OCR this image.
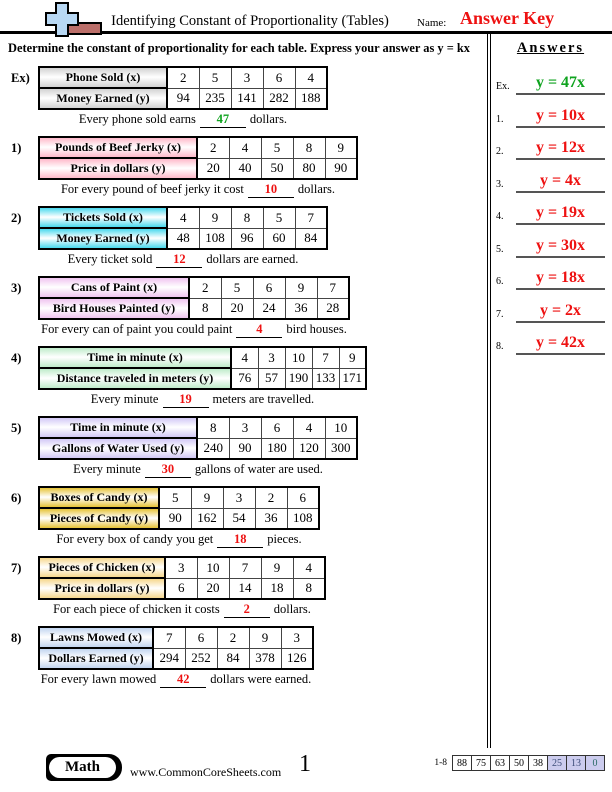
Identifying Constant of Proportionality (Tables)	Name: Answer Key
Determine the constant of proportionality for each table. Express your answer as y = kx
Ex)	Phone Sold (x)	2	5	3	6	4
Money Earned (y)	94	235	141	282	188
Every phone sold earns 47 dollars.
1)	Pounds of Beef Jerky (x)	2	4	5	8	9
Price in dollars (y)	20	40	50	80	90
For every pound of beef jerky it cost 10 dollars.
2)	Tickets Sold (x)	4	9	8	5	7
Money Earned (y)	48	108	96	60	84
Every ticket sold 12 dollars are earned.
3)	Cans of Paint (x)	2	5	6	9	7
Bird Houses Painted (y)	8	20	24	36	28
For every can of paint you could paint 4 bird houses.
4)	Time in minute (x)	4	3	10	7	9
Distance traveled in meters (y)	76	57	190	133	171
Every minute 19 meters are travelled.
5)	Time in minute (x)	8	3	6	4	10
Gallons of Water Used (y)	240	90	180	120	300
Every minute 30 gallons of water are used.
6)	Boxes of Candy (x)	5	9	3	2	6
Pieces of Candy (y)	90	162	54	36	108
For every box of candy you get 18 pieces.
7)	Pieces of Chicken (x)	3	10	7	9	4
Price in dollars (y)	6	20	14	18	8
For each piece of chicken it costs 2 dollars.
8)	Lawns Mowed (x)	7	6	2	9	3
Dollars Earned (y)	294	252	84	378	126
For every lawn mowed 42 dollars were earned.
Answers
Ex.	y = 47x
1.	y = 10x
2.	y = 12x
3.	y = 4x
4.	y = 19x
5.	y = 30x
6.	y = 18x
7.	y = 2x
8.	y = 42x
Math	www.CommonCoreSheets.com 1	1-8	88 75 63 50 38 25 13	0
